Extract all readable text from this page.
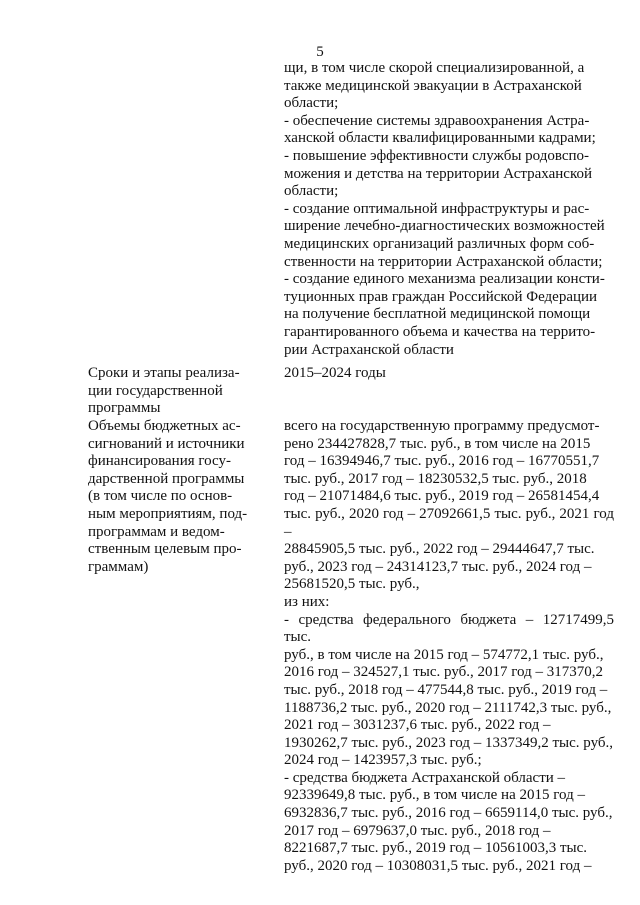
5

щи, в том числе скорой специализированной, а
также медицинской эвакуации в Астраханской
области;
- обеспечение системы здравоохранения Астра-
ханской области квалифицированными кадрами;
- повышение эффективности службы родовспо-
можения и детства на территории Астраханской
области;
- создание оптимальной инфраструктуры и рас-
ширение лечебно-диагностических возможностей
медицинских организаций различных форм соб-
ственности на территории Астраханской области;
- создание единого механизма реализации консти-
туционных прав граждан Российской Федерации
на получение бесплатной медицинской помощи
гарантированного объема и качества на террито-
рии Астраханской области

Сроки и этапы реализа-
ции государственной
программы

2015–2024 годы

Объемы бюджетных ас-
сигнований и источники
финансирования госу-
дарственной программы
(в том числе по основ-
ным мероприятиям, под-
программам и ведом-
ственным целевым про-
граммам)

всего на государственную программу предусмот-
рено 234427828,7 тыс. руб., в том числе на 2015
год – 16394946,7 тыс. руб., 2016 год – 16770551,7
тыс. руб., 2017 год – 18230532,5 тыс. руб., 2018
год – 21071484,6 тыс. руб., 2019 год – 26581454,4
тыс. руб., 2020 год – 27092661,5 тыс. руб., 2021 год –
28845905,5 тыс. руб., 2022 год – 29444647,7 тыс.
руб., 2023 год – 24314123,7 тыс. руб., 2024 год –
25681520,5 тыс. руб.,
из них:
- средства федерального бюджета – 12717499,5 тыс.
руб., в том числе на 2015 год – 574772,1 тыс. руб.,
2016 год – 324527,1 тыс. руб., 2017 год – 317370,2
тыс. руб., 2018 год – 477544,8 тыс. руб., 2019 год –
1188736,2 тыс. руб., 2020 год – 2111742,3 тыс. руб.,
2021 год – 3031237,6 тыс. руб., 2022 год –
1930262,7 тыс. руб., 2023 год – 1337349,2 тыс. руб.,
2024 год – 1423957,3 тыс. руб.;
- средства бюджета Астраханской области –
92339649,8 тыс. руб., в том числе на 2015 год –
6932836,7 тыс. руб., 2016 год – 6659114,0 тыс. руб.,
2017 год – 6979637,0 тыс. руб., 2018 год –
8221687,7 тыс. руб., 2019 год – 10561003,3 тыс.
руб., 2020 год – 10308031,5 тыс. руб., 2021 год –
